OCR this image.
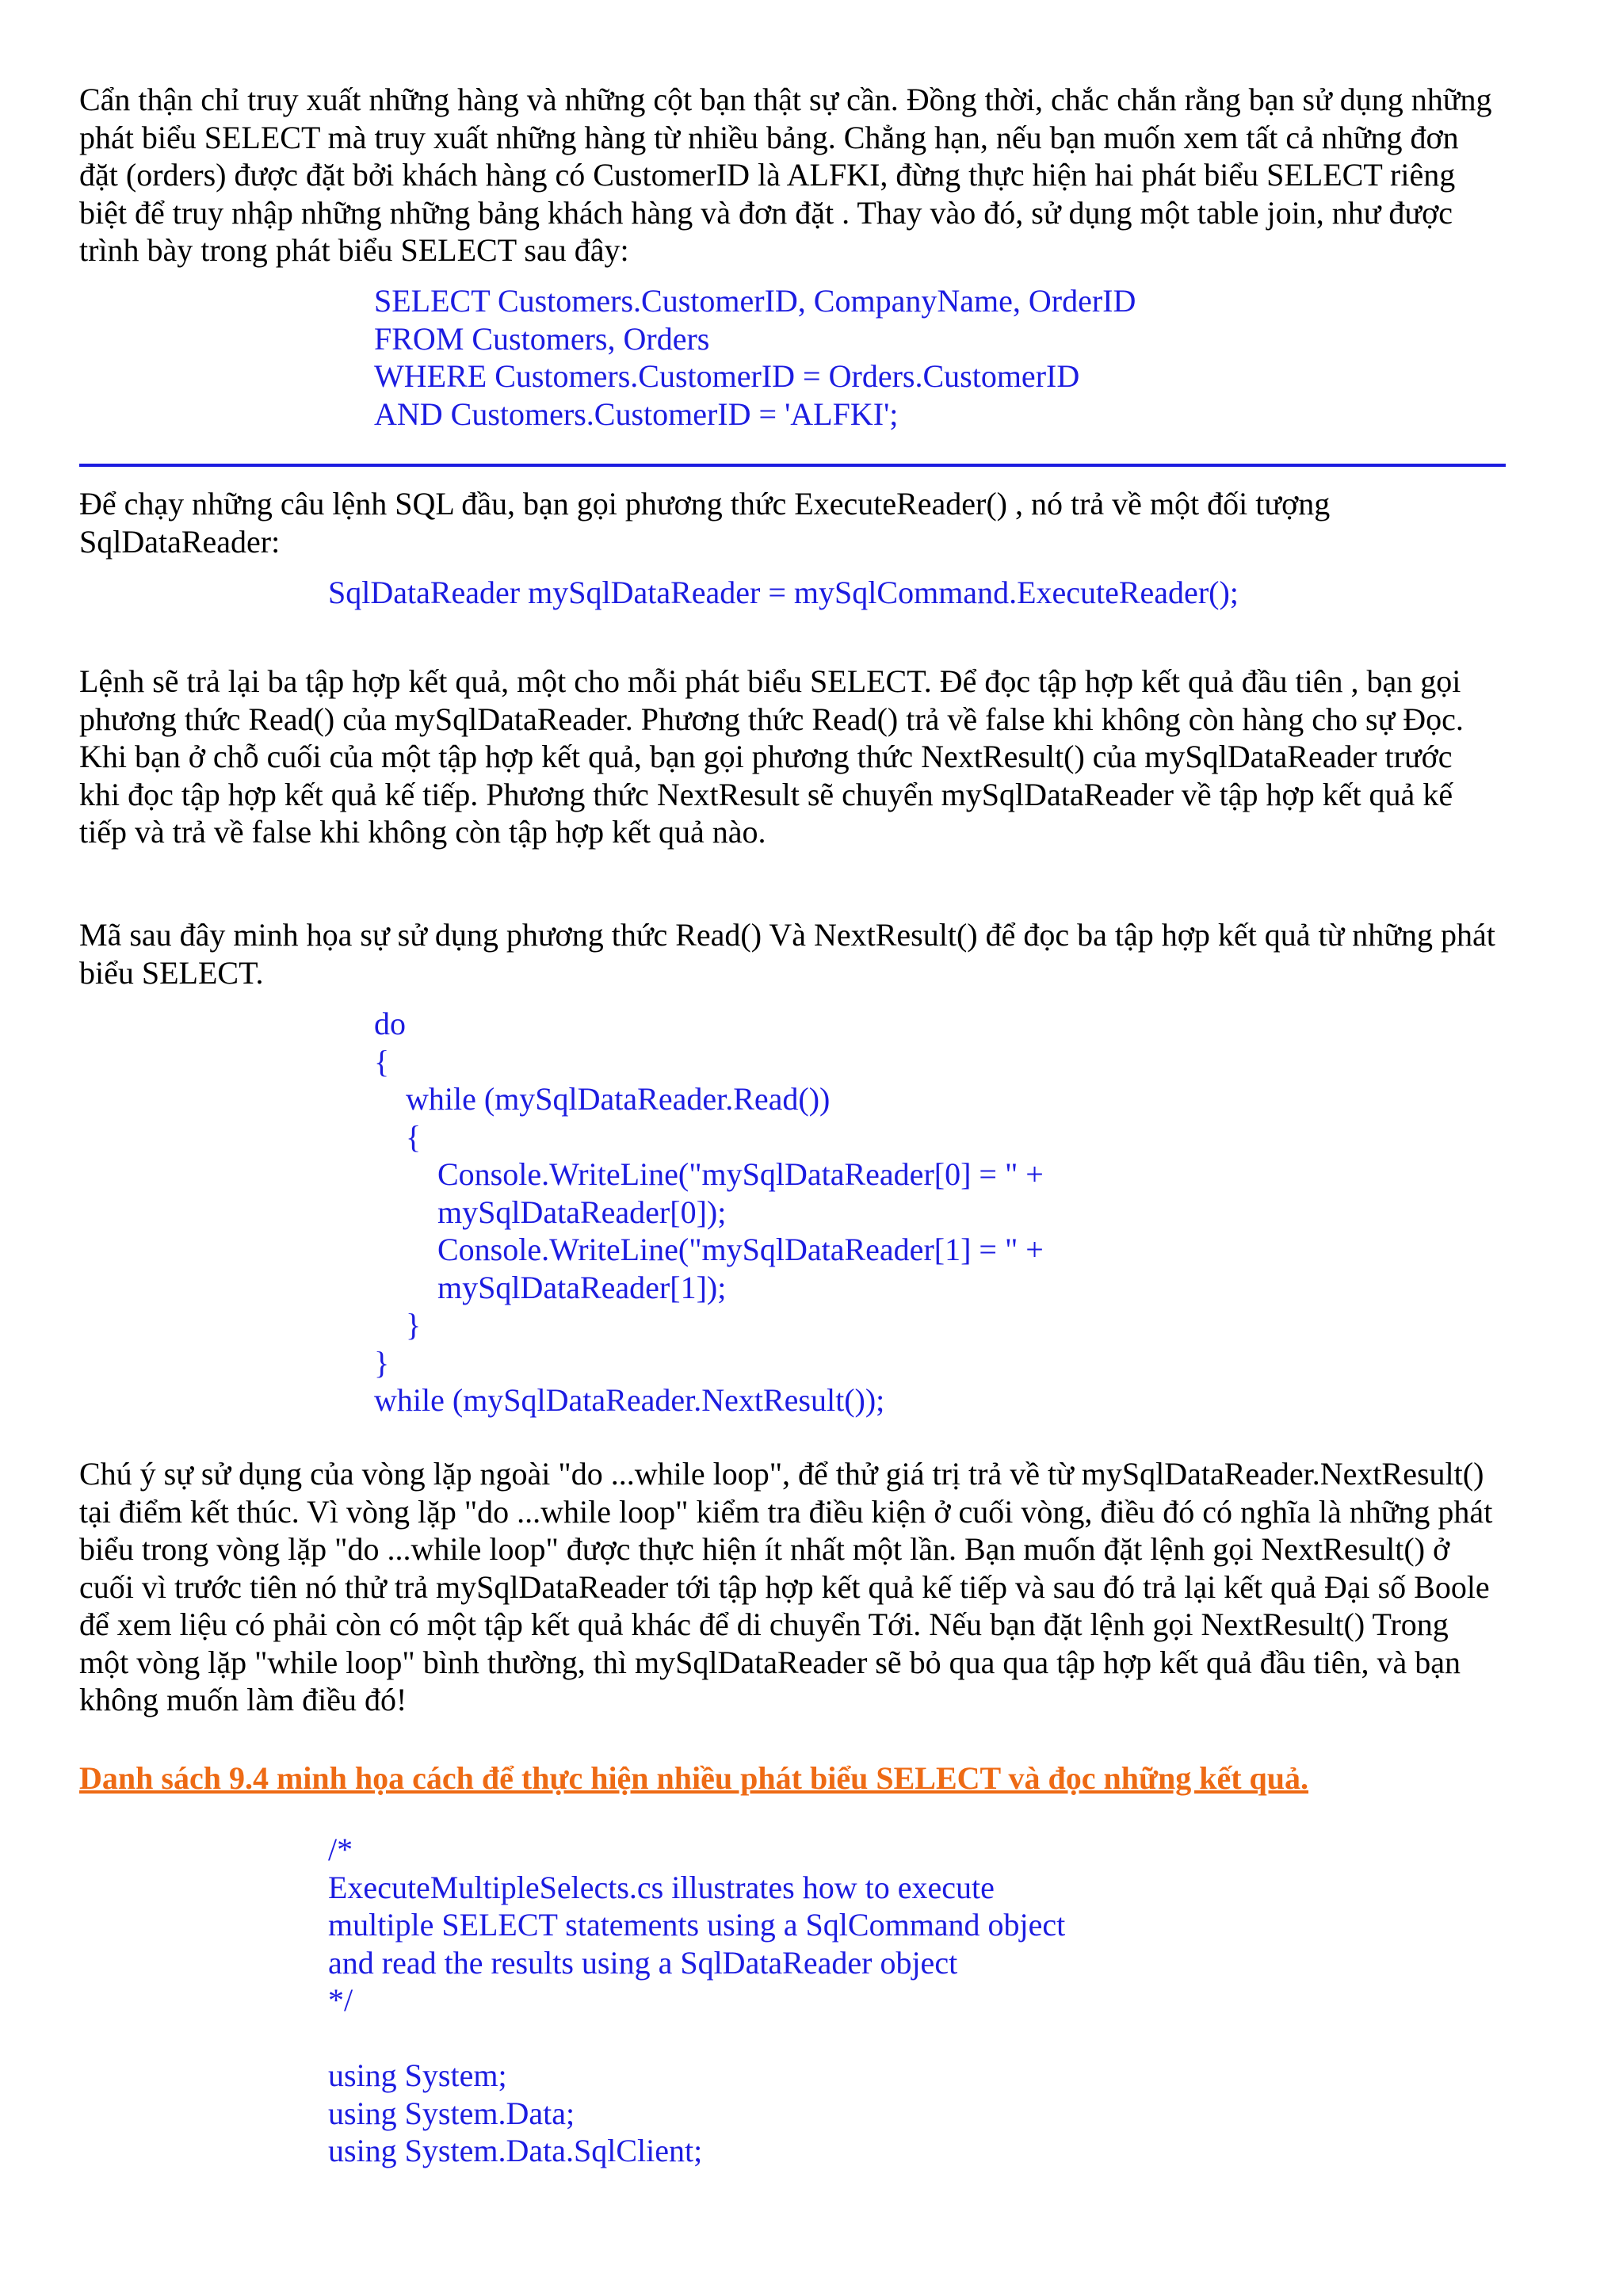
Cẩn thận chỉ truy xuất những hàng và những cột bạn thật sự cần. Đồng thời, chắc chắn rằng bạn sử dụng những
phát biểu SELECT mà truy xuất những hàng từ nhiều bảng. Chẳng hạn, nếu bạn muốn xem tất cả những đơn
đặt (orders) được đặt bởi khách hàng có CustomerID là ALFKI, đừng thực hiện hai phát biểu SELECT riêng
biệt để truy nhập những những bảng khách hàng và đơn đặt . Thay vào đó, sử dụng một table join, như được
trình bày trong phát biểu SELECT sau đây:
SELECT Customers.CustomerID, CompanyName, OrderID
FROM Customers, Orders
WHERE Customers.CustomerID = Orders.CustomerID
AND Customers.CustomerID = 'ALFKI';
Để chạy những câu lệnh SQL đầu, bạn gọi phương thức ExecuteReader() , nó trả về một đối tượng
SqlDataReader:
SqlDataReader mySqlDataReader = mySqlCommand.ExecuteReader();
Lệnh sẽ trả lại ba tập hợp kết quả, một cho mỗi phát biểu SELECT. Để đọc tập hợp kết quả đầu tiên , bạn gọi
phương thức Read() của mySqlDataReader. Phương thức Read() trả về false khi không còn hàng cho sự Đọc.
Khi bạn ở chỗ cuối của một tập hợp kết quả, bạn gọi phương thức NextResult() của mySqlDataReader trước
khi đọc tập hợp kết quả kế tiếp. Phương thức NextResult sẽ chuyển mySqlDataReader về tập hợp kết quả kế
tiếp và trả về false khi không còn tập hợp kết quả nào.
Mã sau đây minh họa sự sử dụng phương thức Read() Và NextResult() để đọc ba tập hợp kết quả từ những phát
biểu SELECT.
do
{
while (mySqlDataReader.Read())
{
Console.WriteLine("mySqlDataReader[0] = " +
mySqlDataReader[0]);
Console.WriteLine("mySqlDataReader[1] = " +
mySqlDataReader[1]);
}
}
while (mySqlDataReader.NextResult());
Chú ý sự sử dụng của vòng lặp ngoài "do ...while loop", để thử giá trị trả về từ mySqlDataReader.NextResult()
tại điểm kết thúc. Vì vòng lặp "do ...while loop" kiểm tra điều kiện ở cuối vòng, điều đó có nghĩa là những phát
biểu trong vòng lặp "do ...while loop" được thực hiện ít nhất một lần. Bạn muốn đặt lệnh gọi NextResult() ở
cuối vì trước tiên nó thử trả mySqlDataReader tới tập hợp kết quả kế tiếp và sau đó trả lại kết quả Đại số Boole
để xem liệu có phải còn có một tập kết quả khác để di chuyển Tới. Nếu bạn đặt lệnh gọi NextResult() Trong
một vòng lặp "while loop" bình thường, thì mySqlDataReader sẽ bỏ qua qua tập hợp kết quả đầu tiên, và bạn
không muốn làm điều đó!
Danh sách 9.4 minh họa cách để thực hiện nhiều phát biểu SELECT và đọc những kết quả.
/*
ExecuteMultipleSelects.cs illustrates how to execute
multiple SELECT statements using a SqlCommand object
and read the results using a SqlDataReader object
*/

using System;
using System.Data;
using System.Data.SqlClient;
